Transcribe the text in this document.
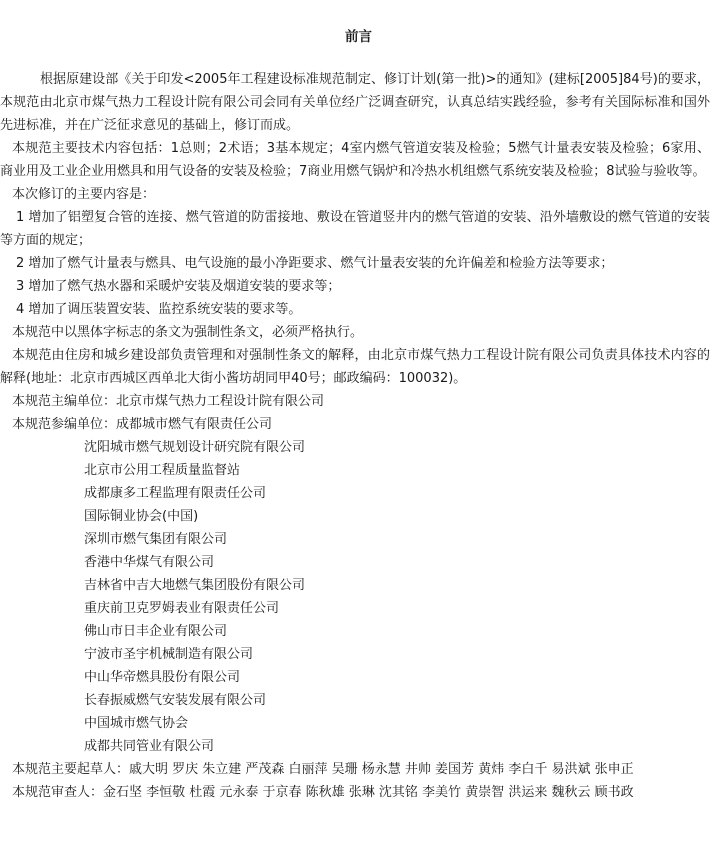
前言

根据原建设部《关于印发<2005年工程建设标准规范制定、修订计划(第一批)>的通知》(建标[2005]84号)的要求，本规范由北京市煤气热力工程设计院有限公司会同有关单位经广泛调查研究，认真总结实践经验，参考有关国际标准和国外先进标准，并在广泛征求意见的基础上，修订而成。

本规范主要技术内容包括：1总则；2术语；3基本规定；4室内燃气管道安装及检验；5燃气计量表安装及检验；6家用、商业用及工业企业用燃具和用气设备的安装及检验；7商业用燃气锅炉和冷热水机组燃气系统安装及检验；8试验与验收等。

本次修订的主要内容是：

1 增加了铝塑复合管的连接、燃气管道的防雷接地、敷设在管道竖井内的燃气管道的安装、沿外墙敷设的燃气管道的安装等方面的规定；

2 增加了燃气计量表与燃具、电气设施的最小净距要求、燃气计量表安装的允许偏差和检验方法等要求；

3 增加了燃气热水器和采暖炉安装及烟道安装的要求等；

4 增加了调压装置安装、监控系统安装的要求等。

本规范中以黑体字标志的条文为强制性条文，必须严格执行。

本规范由住房和城乡建设部负责管理和对强制性条文的解释，由北京市煤气热力工程设计院有限公司负责具体技术内容的解释(地址：北京市西城区西单北大街小酱坊胡同甲40号；邮政编码：100032)。

本规范主编单位：北京市煤气热力工程设计院有限公司

本规范参编单位：成都城市燃气有限责任公司

沈阳城市燃气规划设计研究院有限公司
北京市公用工程质量监督站
成都康多工程监理有限责任公司
国际铜业协会(中国)
深圳市燃气集团有限公司
香港中华煤气有限公司
吉林省中吉大地燃气集团股份有限公司
重庆前卫克罗姆表业有限责任公司
佛山市日丰企业有限公司
宁波市圣宇机械制造有限公司
中山华帝燃具股份有限公司
长春振威燃气安装发展有限公司
中国城市燃气协会
成都共同管业有限公司

本规范主要起草人：戚大明 罗庆 朱立建 严茂森 白丽萍 吴珊 杨永慧 井帅 姜国芳 黄炜 李白千 易洪斌 张申正

本规范审查人：金石坚 李恒敬 杜霞 元永泰 于京春 陈秋雄 张琳 沈其铭 李美竹 黄崇智 洪运来 魏秋云 顾书政
